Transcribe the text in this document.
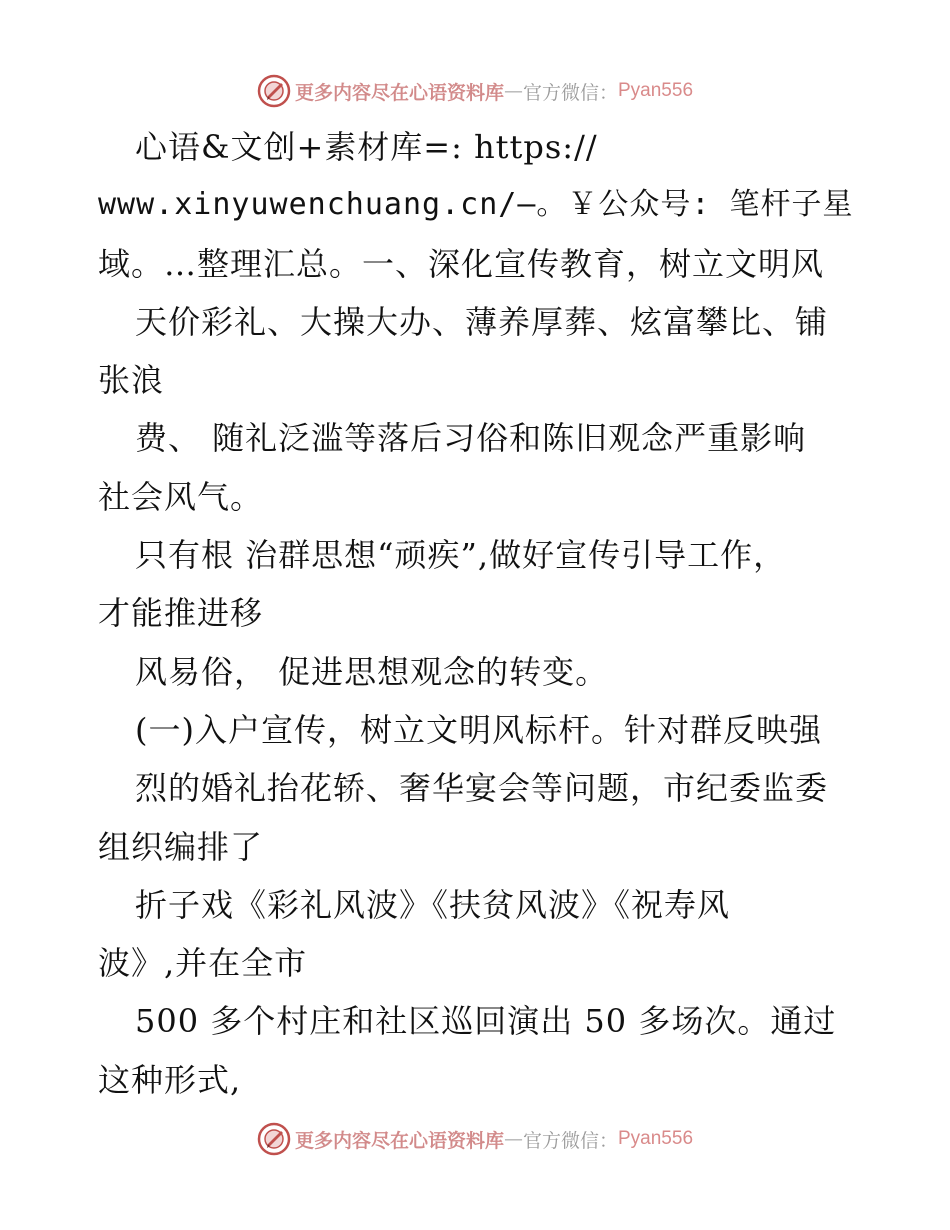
更多内容尽在心语资料库 — 官方微信： Pyan556
心语&文创+素材库=: https://
www.xinyuwenchuang.cn/—。￥公众号: 笔杆子星
域。…整理汇总。一、深化宣传教育，树立文明风
天价彩礼、大操大办、薄养厚葬、炫富攀比、铺
张浪
费、 随礼泛滥等落后习俗和陈旧观念严重影响
社会风气。
只有根 治群思想“顽疾”,做好宣传引导工作，
才能推进移
风易俗， 促进思想观念的转变。
(一)入户宣传，树立文明风标杆。针对群反映强
烈的婚礼抬花轿、奢华宴会等问题，市纪委监委
组织编排了
折子戏《彩礼风波》《扶贫风波》《祝寿风
波》,并在全市
500 多个村庄和社区巡回演出 50 多场次。通过
这种形式,
更多内容尽在心语资料库 — 官方微信： Pyan556
